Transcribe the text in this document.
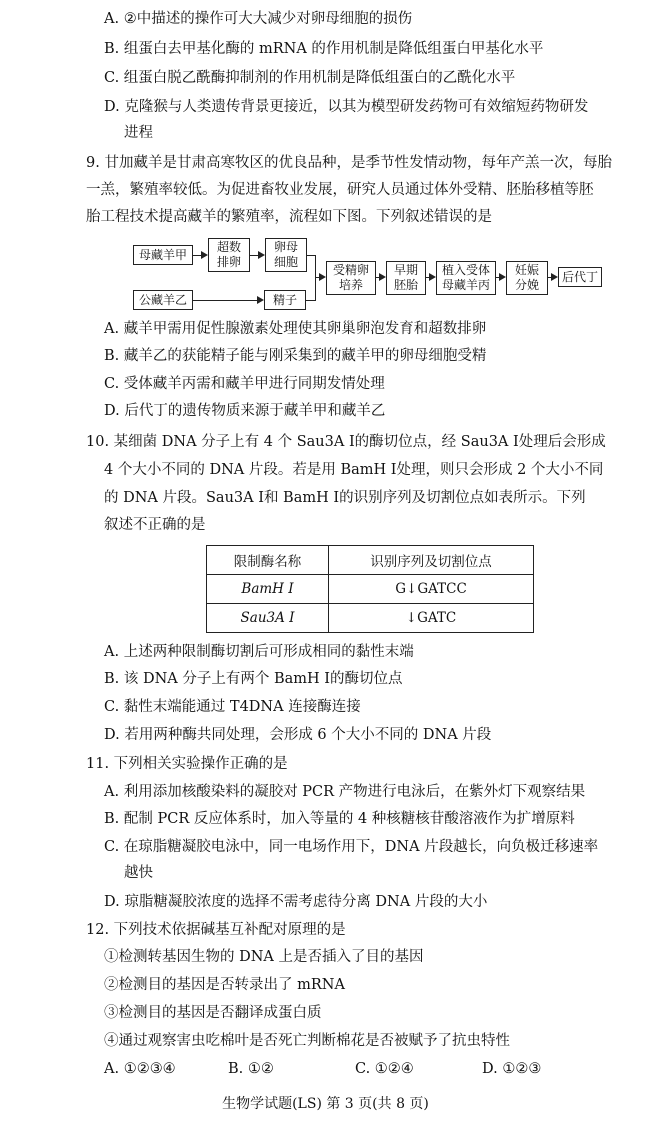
A. ②中描述的操作可大大减少对卵母细胞的损伤
B. 组蛋白去甲基化酶的 mRNA 的作用机制是降低组蛋白甲基化水平
C. 组蛋白脱乙酰酶抑制剂的作用机制是降低组蛋白的乙酰化水平
D. 克隆猴与人类遗传背景更接近，以其为模型研发药物可有效缩短药物研发
进程
9. 甘加藏羊是甘肃高寒牧区的优良品种，是季节性发情动物，每年产羔一次，每胎
一羔，繁殖率较低。为促进畜牧业发展，研究人员通过体外受精、胚胎移植等胚
胎工程技术提高藏羊的繁殖率，流程如下图。下列叙述错误的是
母藏羊甲
超数
排卵
卵母
细胞
公藏羊乙	精子
受精卵
培养
早期
胚胎
植入受体
母藏羊丙
妊娠
分娩
后代丁
A. 藏羊甲需用促性腺激素处理使其卵巢卵泡发育和超数排卵
B. 藏羊乙的获能精子能与刚采集到的藏羊甲的卵母细胞受精
C. 受体藏羊丙需和藏羊甲进行同期发情处理
D. 后代丁的遗传物质来源于藏羊甲和藏羊乙
10. 某细菌 DNA 分子上有 4 个 Sau3A Ⅰ的酶切位点，经 Sau3A Ⅰ处理后会形成
4 个大小不同的 DNA 片段。若是用 BamH Ⅰ处理，则只会形成 2 个大小不同
的 DNA 片段。Sau3A Ⅰ和 BamH Ⅰ的识别序列及切割位点如表所示。下列
叙述不正确的是
限制酶名称	识别序列及切割位点
BamH Ⅰ	G↓GATCC
Sau3A Ⅰ	↓GATC
A. 上述两种限制酶切割后可形成相同的黏性末端
B. 该 DNA 分子上有两个 BamH Ⅰ的酶切位点
C. 黏性末端能通过 T4DNA 连接酶连接
D. 若用两种酶共同处理，会形成 6 个大小不同的 DNA 片段
11. 下列相关实验操作正确的是
A. 利用添加核酸染料的凝胶对 PCR 产物进行电泳后，在紫外灯下观察结果
B. 配制 PCR 反应体系时，加入等量的 4 种核糖核苷酸溶液作为扩增原料
C. 在琼脂糖凝胶电泳中，同一电场作用下，DNA 片段越长，向负极迁移速率
越快
D. 琼脂糖凝胶浓度的选择不需考虑待分离 DNA 片段的大小
12. 下列技术依据碱基互补配对原理的是
①检测转基因生物的 DNA 上是否插入了目的基因
②检测目的基因是否转录出了 mRNA
③检测目的基因是否翻译成蛋白质
④通过观察害虫吃棉叶是否死亡判断棉花是否被赋予了抗虫特性
A. ①②③④	B. ①②	C. ①②④	D. ①②③
生物学试题(LS) 第 3 页(共 8 页)
